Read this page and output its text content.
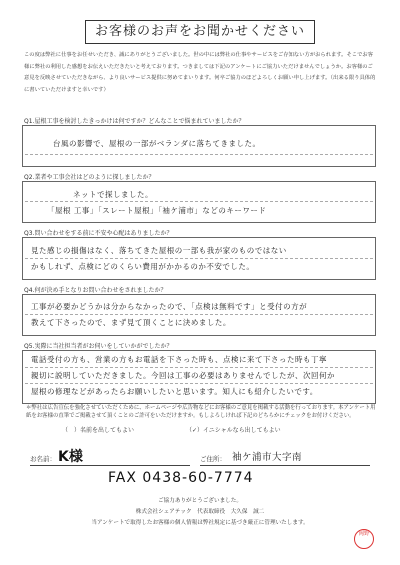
お客様のお声をお聞かせください
この度は弊社に仕事をお任せいただき、誠にありがとうございました。世の中には弊社の仕事やサービスをご存知ない方がおられます。そこでお客様に弊社の利用した感想をお伝えいただきたいと考えております。つきましては下記のアンケートにご協力いただけませんでしょうか。お客様のご意見を反映させていただきながら、より良いサービス提供に努めてまいります。何卒ご協力のほどよろしくお願い申し上げます。（出来る限り具体的に書いていただけますと幸いです）
Q1.屋根工事を検討したきっかけは何ですか？どんなことで悩まれていましたか？
台風の影響で、屋根の一部がベランダに落ちてきました。
Q2.業者や工事会社はどのように探しましたか？
ネットで探しました。
「屋根 工事」「スレート屋根」「袖ケ浦市」などのキーワード
Q3.問い合わせをする前に不安や心配はありましたか？
見た感じの損傷はなく、落ちてきた屋根の一部も我が家のものではない
かもしれず、点検にどのくらい費用がかかるのか不安でした。
Q4.何が決め手となりお問い合わせをされましたか？
工事が必要かどうかは分からなかったので、「点検は無料です」と受付の方が
教えて下さったので、まず見て頂くことに決めました。
Q5.実際に当社担当者がお伺いをしていかがでしたか？
電話受付の方も、営業の方もお電話を下さった時も、点検に来て下さった時も丁寧
親切に説明していただきました。今回は工事の必要はありませんでしたが、次回何か
屋根の修理などがあったらお願いしたいと思います。知人にも紹介したいです。
＊弊社は広告宣伝を強化させていただくために、ホームページや広告物などにお客様のご意見を掲載する活動を行っております。本アンケート用紙をお客様の直筆でご掲載させて頂くことのご許可をいただけますか。もしよろしければ下記のどちらかにチェックをお付けください。
（　）名前を出してもよい	（✓）イニシャルなら出してもよい
お名前： K様	ご住所： 袖ケ浦市大字南
FAX 0438-60-7774
ご協力ありがとうございました。
株式会社シェアテック　代表取締役　大久保　誠二
当アンケートで取得したお客様の個人情報は弊社規定に基づき厳正に管理いたします。
岡野
